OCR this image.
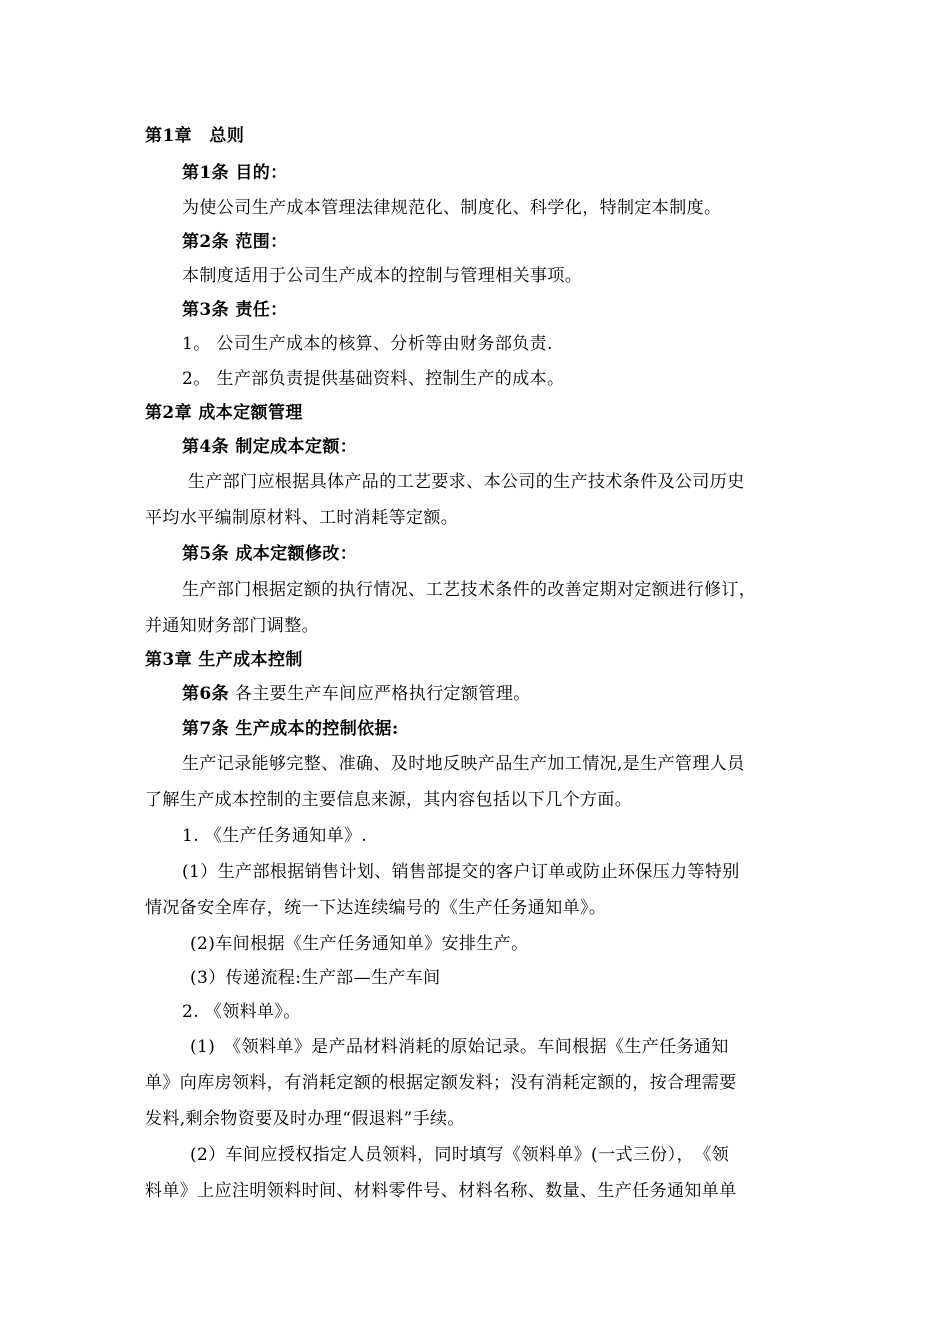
第1章　总则
第1条 目的：
为使公司生产成本管理法律规范化、制度化、科学化，特制定本制度。
第2条 范围：
本制度适用于公司生产成本的控制与管理相关事项。
第3条 责任：
1。 公司生产成本的核算、分析等由财务部负责.
2。 生产部负责提供基础资料、控制生产的成本。
第2章 成本定额管理
第4条 制定成本定额：
生产部门应根据具体产品的工艺要求、本公司的生产技术条件及公司历史
平均水平编制原材料、工时消耗等定额。
第5条 成本定额修改：
生产部门根据定额的执行情况、工艺技术条件的改善定期对定额进行修订，
并通知财务部门调整。
第3章 生产成本控制
第6条 各主要生产车间应严格执行定额管理。
第7条 生产成本的控制依据:
生产记录能够完整、准确、及时地反映产品生产加工情况,是生产管理人员
了解生产成本控制的主要信息来源，其内容包括以下几个方面。
1. 《生产任务通知单》.
(1）生产部根据销售计划、销售部提交的客户订单或防止环保压力等特别
情况备安全库存，统一下达连续编号的《生产任务通知单》。
(2)车间根据《生产任务通知单》安排生产。
(3）传递流程:生产部—生产车间
2. 《领料单》。
(1)　《领料单》是产品材料消耗的原始记录。车间根据《生产任务通知
单》向库房领料，有消耗定额的根据定额发料；没有消耗定额的，按合理需要
发料,剩余物资要及时办理“假退料”手续。
(2）车间应授权指定人员领料，同时填写《领料单》(一式三份），　《领
料单》上应注明领料时间、材料零件号、材料名称、数量、生产任务通知单单
